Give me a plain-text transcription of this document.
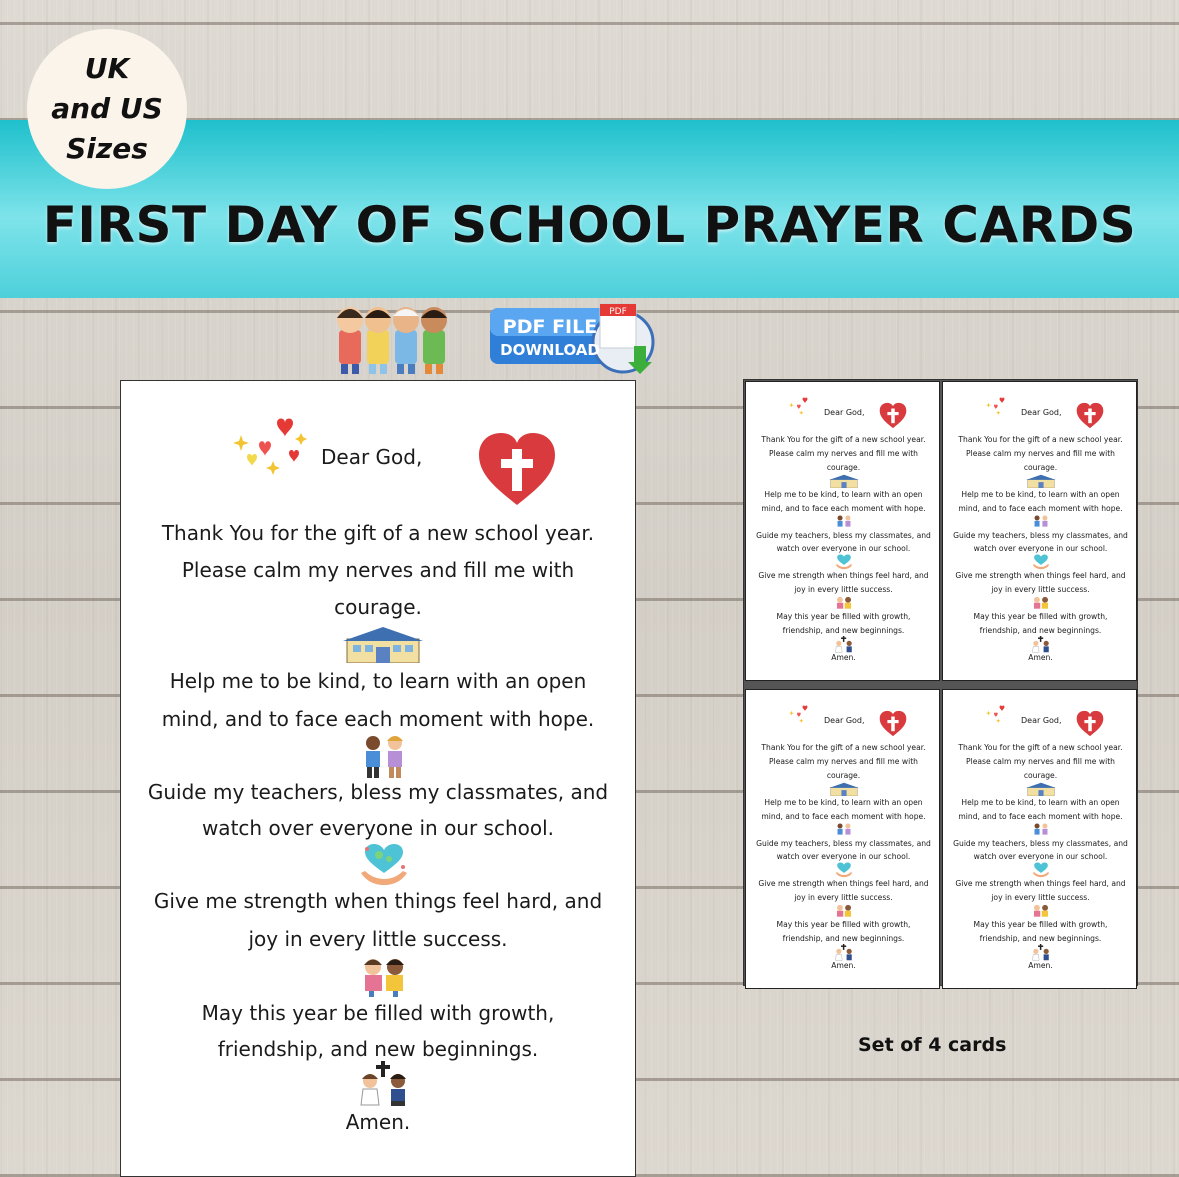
FIRST DAY OF SCHOOL PRAYER CARDS
UK
and US
Sizes
PDF FILE
DOWNLOAD
PDF
Dear God,
Thank You for the gift of a new school year.
Please calm my nerves and fill me with
courage.
Help me to be kind, to learn with an open
mind, and to face each moment with hope.
Guide my teachers, bless my classmates, and
watch over everyone in our school.
Give me strength when things feel hard, and
joy in every little success.
May this year be filled with growth,
friendship, and new beginnings.
Amen.
Dear God,
Thank You for the gift of a new school year.
Please calm my nerves and fill me with
courage.
Help me to be kind, to learn with an open
mind, and to face each moment with hope.
Guide my teachers, bless my classmates, and
watch over everyone in our school.
Give me strength when things feel hard, and
joy in every little success.
May this year be filled with growth,
friendship, and new beginnings.
Amen.
Dear God,
Thank You for the gift of a new school year.
Please calm my nerves and fill me with
courage.
Help me to be kind, to learn with an open
mind, and to face each moment with hope.
Guide my teachers, bless my classmates, and
watch over everyone in our school.
Give me strength when things feel hard, and
joy in every little success.
May this year be filled with growth,
friendship, and new beginnings.
Amen.
Dear God,
Thank You for the gift of a new school year.
Please calm my nerves and fill me with
courage.
Help me to be kind, to learn with an open
mind, and to face each moment with hope.
Guide my teachers, bless my classmates, and
watch over everyone in our school.
Give me strength when things feel hard, and
joy in every little success.
May this year be filled with growth,
friendship, and new beginnings.
Amen.
Dear God,
Thank You for the gift of a new school year.
Please calm my nerves and fill me with
courage.
Help me to be kind, to learn with an open
mind, and to face each moment with hope.
Guide my teachers, bless my classmates, and
watch over everyone in our school.
Give me strength when things feel hard, and
joy in every little success.
May this year be filled with growth,
friendship, and new beginnings.
Amen.
Set of 4 cards
